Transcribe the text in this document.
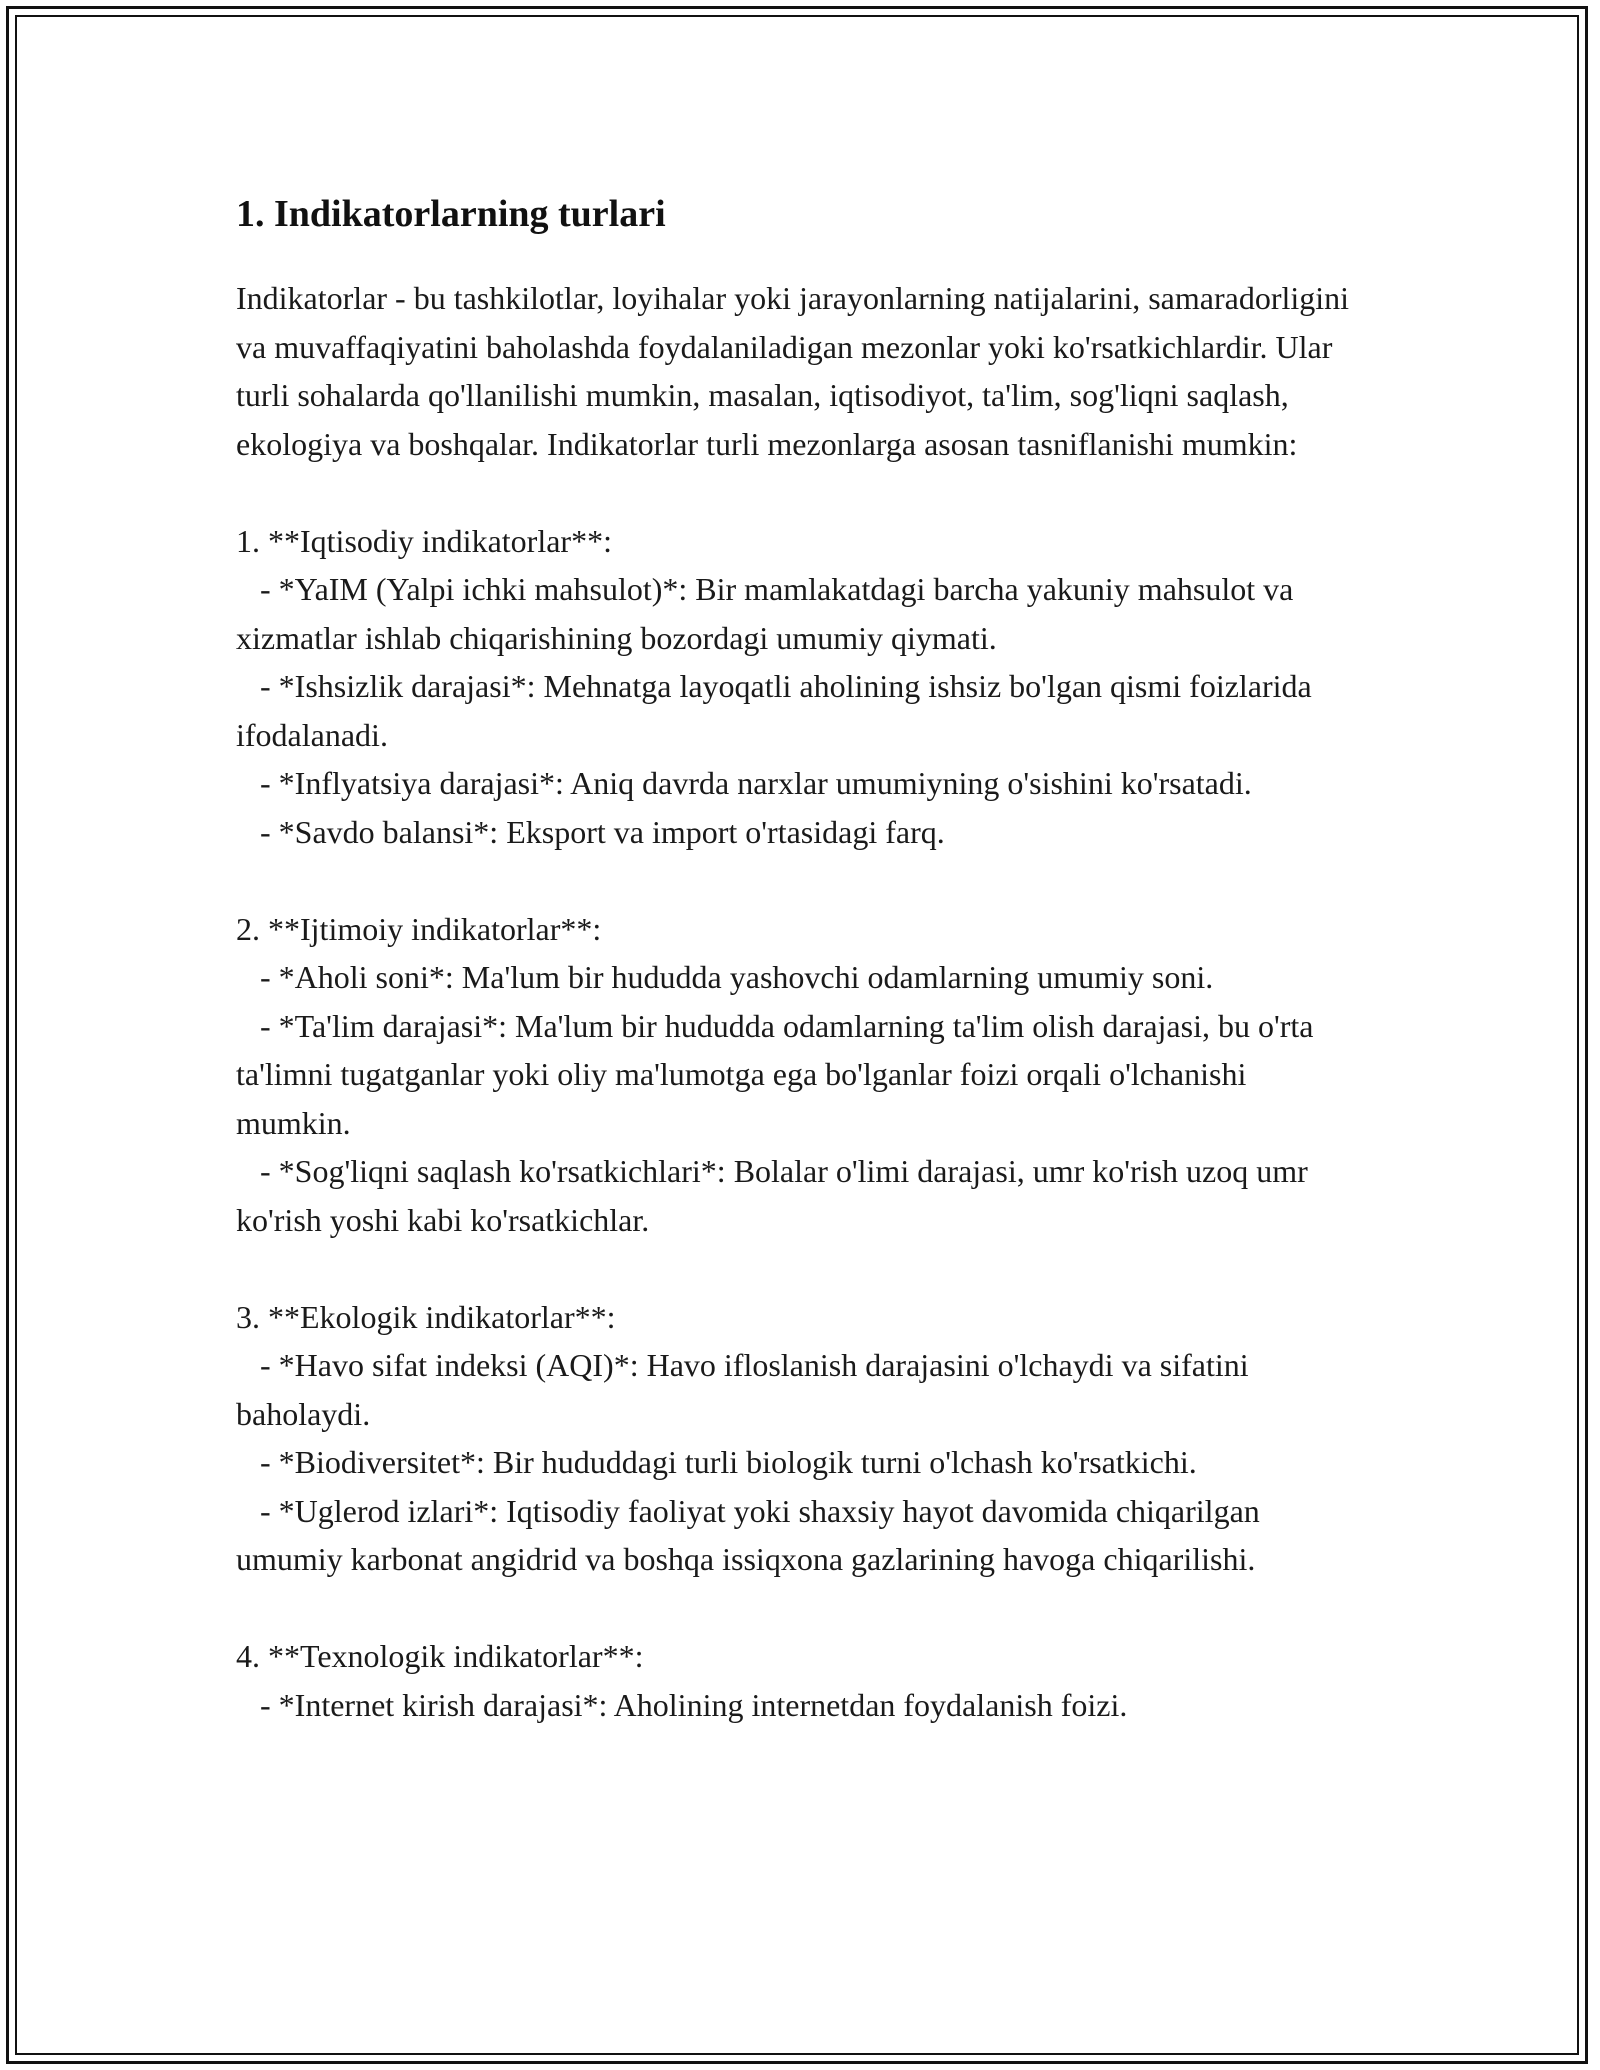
1. Indikatorlarning turlari

Indikatorlar - bu tashkilotlar, loyihalar yoki jarayonlarning natijalarini, samaradorligini va muvaffaqiyatini baholashda foydalaniladigan mezonlar yoki ko'rsatkichlardir. Ular turli sohalarda qo'llanilishi mumkin, masalan, iqtisodiyot, ta'lim, sog'liqni saqlash, ekologiya va boshqalar. Indikatorlar turli mezonlarga asosan tasniflanishi mumkin:

1. **Iqtisodiy indikatorlar**:

- *YaIM (Yalpi ichki mahsulot)*: Bir mamlakatdagi barcha yakuniy mahsulot va xizmatlar ishlab chiqarishining bozordagi umumiy qiymati.

- *Ishsizlik darajasi*: Mehnatga layoqatli aholining ishsiz bo'lgan qismi foizlarida ifodalanadi.

- *Inflyatsiya darajasi*: Aniq davrda narxlar umumiyning o'sishini ko'rsatadi.

- *Savdo balansi*: Eksport va import o'rtasidagi farq.

2. **Ijtimoiy indikatorlar**:

- *Aholi soni*: Ma'lum bir hududda yashovchi odamlarning umumiy soni.

- *Ta'lim darajasi*: Ma'lum bir hududda odamlarning ta'lim olish darajasi, bu o'rta ta'limni tugatganlar yoki oliy ma'lumotga ega bo'lganlar foizi orqali o'lchanishi mumkin.

- *Sog'liqni saqlash ko'rsatkichlari*: Bolalar o'limi darajasi, umr ko'rish uzoq umr ko'rish yoshi kabi ko'rsatkichlar.

3. **Ekologik indikatorlar**:

- *Havo sifat indeksi (AQI)*: Havo ifloslanish darajasini o'lchaydi va sifatini baholaydi.

- *Biodiversitet*: Bir hududdagi turli biologik turni o'lchash ko'rsatkichi.

- *Uglerod izlari*: Iqtisodiy faoliyat yoki shaxsiy hayot davomida chiqarilgan umumiy karbonat angidrid va boshqa issiqxona gazlarining havoga chiqarilishi.

4. **Texnologik indikatorlar**:

- *Internet kirish darajasi*: Aholining internetdan foydalanish foizi.
